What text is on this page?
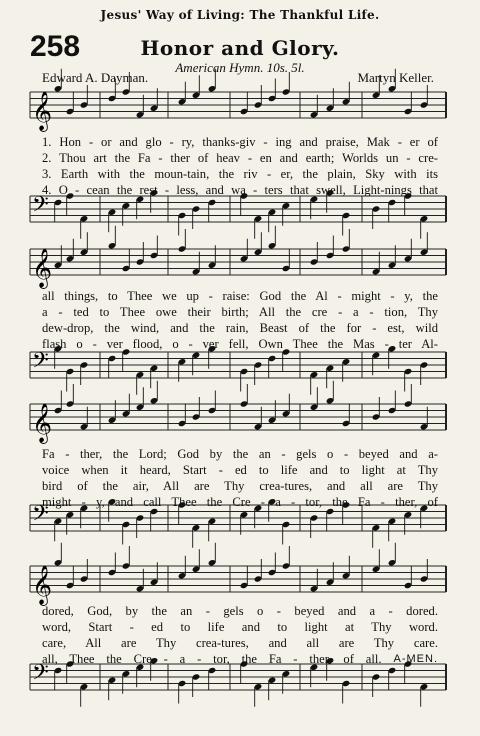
Jesus' Way of Living: The Thankful Life.
258	Honor and Glory.
American Hymn. 10s. 5l.
Edward A. Dayman.	Martyn Keller.
𝄞
𝄢
𝄞
𝄢
𝄞
𝄢
𝄞
𝄢
1. Hon - or and glo - ry, thanks-giv - ing and praise, Mak - er of
2. Thou art the Fa - ther of heav - en and earth; Worlds un - cre-
3. Earth with the moun-tain, the riv - er, the plain, Sky with its
4. O - cean the rest - less, and wa - ters that swell, Light-nings that
all things, to Thee we up - raise: God the Al - might - y, the
a - ted to Thee owe their birth; All the cre - a - tion, Thy
dew-drop, the wind, and the rain, Beast of the for - est, wild
flash o - ver flood, o - ver fell, Own Thee the Mas - ter Al-
Fa - ther, the Lord; God by the an - gels o - beyed and a-
voice when it heard, Start - ed to life and to light at Thy
bird of the air, All are Thy crea-tures, and all are Thy
might - y, and call Thee the Cre - a - tor, the Fa - ther, of
dored, God, by the an - gels o - beyed and a - dored.
word, Start - ed to life and to light at Thy word.
care, All are Thy crea-tures, and all are Thy care.
all, Thee the Cre - a - tor, the Fa - ther, of all. A-MEN.
